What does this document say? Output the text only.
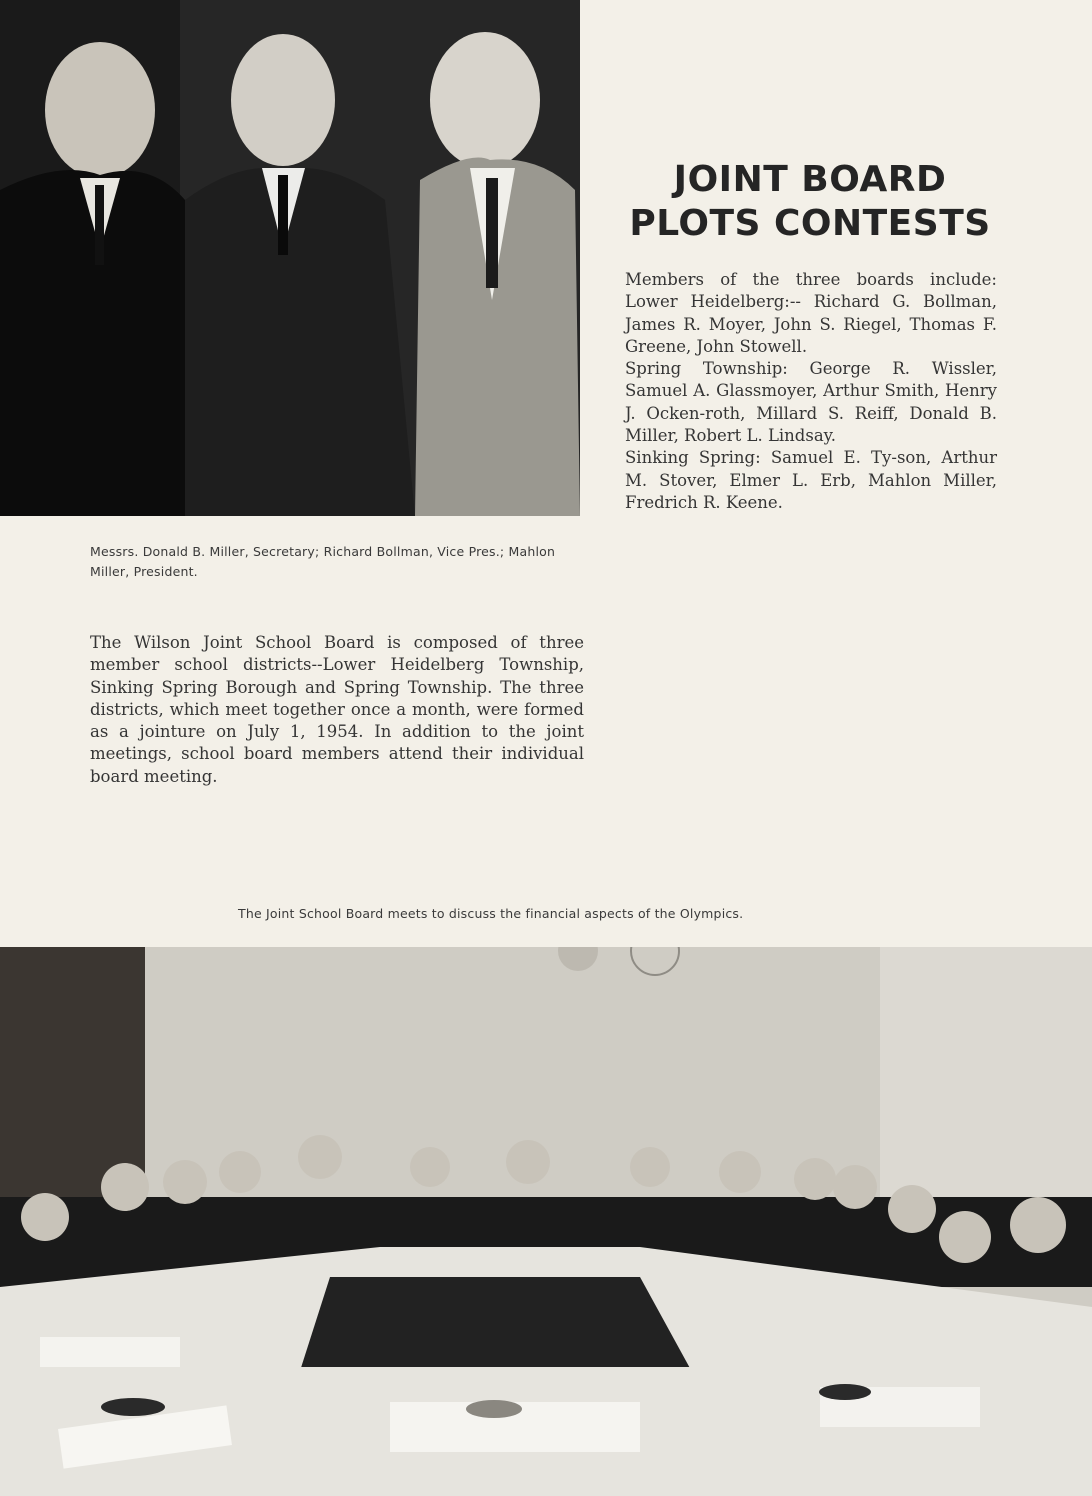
Messrs. Donald B. Miller, Secretary; Richard Bollman, Vice Pres.; Mahlon Miller, President.
JOINT BOARD
PLOTS CONTESTS
Members of the three boards include: Lower Heidelberg:-- Richard G. Bollman, James R. Moyer, John S. Riegel, Thomas F. Greene, John Stowell.
Spring Township: George R. Wissler, Samuel A. Glassmoyer, Arthur Smith, Henry J. Ocken-roth, Millard S. Reiff, Donald B. Miller, Robert L. Lindsay.
Sinking Spring: Samuel E. Ty-son, Arthur M. Stover, Elmer L. Erb, Mahlon Miller, Fredrich R. Keene.
The Wilson Joint School Board is composed of three member school districts--Lower Heidelberg Township, Sinking Spring Borough and Spring Township. The three districts, which meet together once a month, were formed as a jointure on July 1, 1954. In addition to the joint meetings, school board members attend their individual board meeting.
The Joint School Board meets to discuss the financial aspects of the Olympics.
